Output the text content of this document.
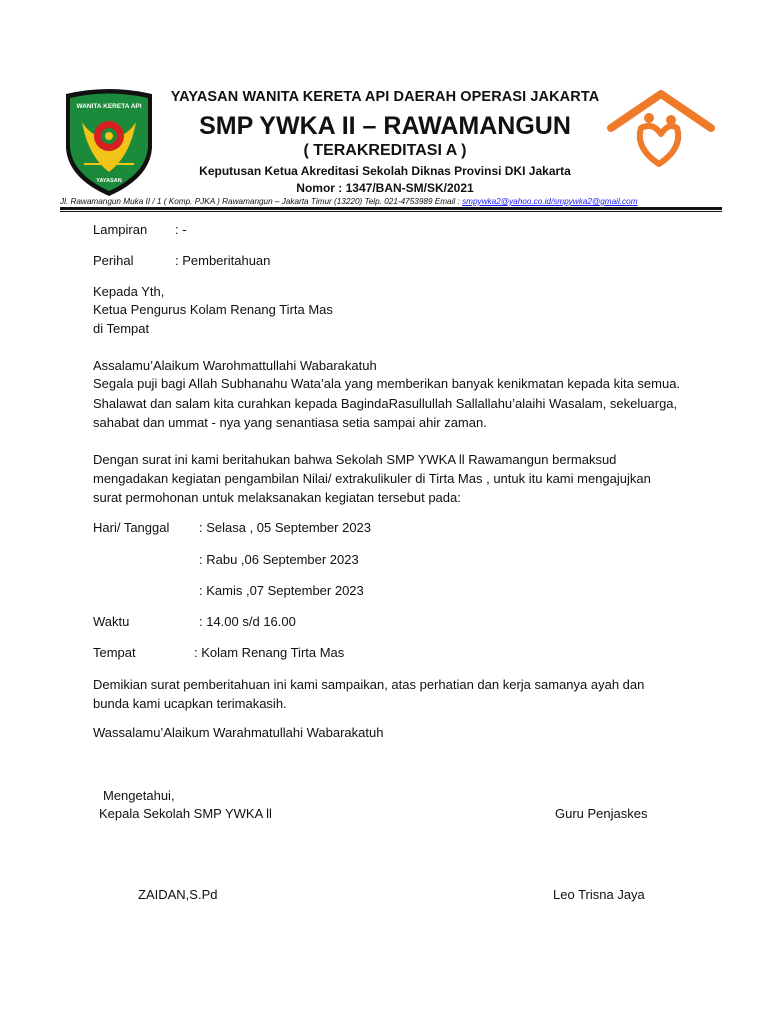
WANITA KERETA API
YAYASAN
YAYASAN WANITA KERETA API DAERAH OPERASI JAKARTA
SMP YWKA II – RAWAMANGUN
( TERAKREDITASI A )
Keputusan Ketua Akreditasi Sekolah Diknas Provinsi DKI Jakarta
Nomor : 1347/BAN-SM/SK/2021
Jl. Rawamangun Muka II / 1 ( Komp. PJKA ) Rawamangun – Jakarta Timur (13220) Telp. 021-4753989 Email : smpywka2@yahoo.co.id/smpywka2@gmail.com
Lampiran : -
Perihal	: Pemberitahuan
Kepada Yth,
Ketua Pengurus Kolam Renang Tirta Mas
di Tempat
Assalamu’Alaikum Warohmattullahi Wabarakatuh
Segala puji bagi Allah Subhanahu Wata’ala yang memberikan banyak kenikmatan kepada kita semua.
Shalawat dan salam kita curahkan kepada BagindaRasullullah Sallallahu’alaihi Wasalam, sekeluarga,
sahabat dan ummat - nya yang senantiasa setia sampai ahir zaman.
Dengan surat ini kami beritahukan bahwa Sekolah SMP YWKA ll Rawamangun bermaksud
mengadakan kegiatan pengambilan Nilai/ extrakulikuler di Tirta Mas , untuk itu kami mengajujkan
surat permohonan untuk melaksanakan kegiatan tersebut pada:
Hari/ Tanggal : Selasa , 05 September 2023
: Rabu ,06 September 2023
: Kamis ,07 September 2023
Waktu	: 14.00 s/d 16.00
Tempat	: Kolam Renang Tirta Mas
Demikian surat pemberitahuan ini kami sampaikan, atas perhatian dan kerja samanya ayah dan
bunda kami ucapkan terimakasih.
Wassalamu’Alaikum Warahmatullahi Wabarakatuh
Mengetahui,
Kepala Sekolah SMP YWKA ll	Guru Penjaskes
ZAIDAN,S.Pd	Leo Trisna Jaya
